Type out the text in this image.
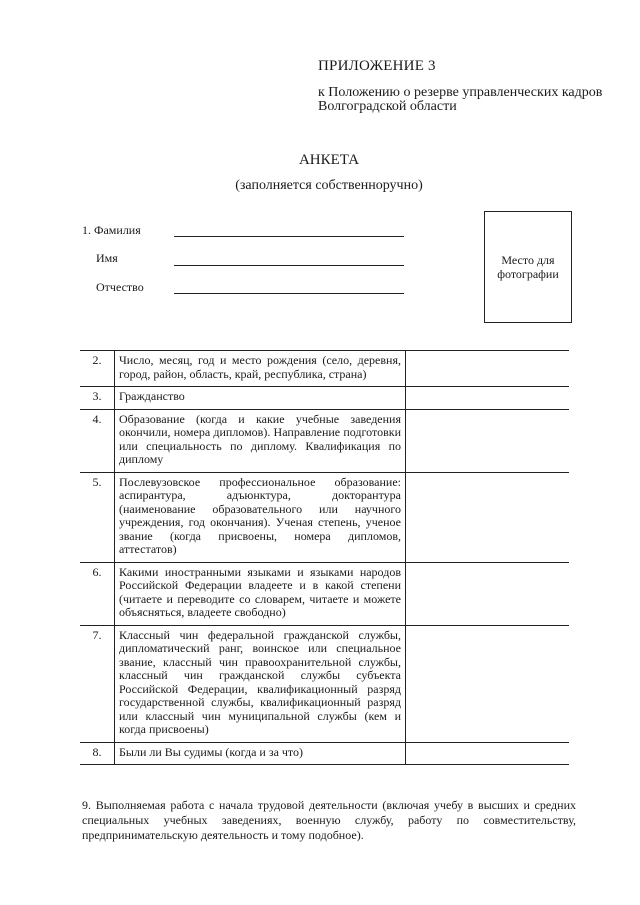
ПРИЛОЖЕНИЕ 3
к Положению о резерве управленческих кадров Волгоградской области
АНКЕТА
(заполняется собственноручно)
1. Фамилия
Имя
Отчество
Место для фотографии
2.	Число, месяц, год и место рождения (село, деревня, город, район, область, край, республика, страна)	
3.	Гражданство	
4.	Образование (когда и какие учебные заведения окончили, номера дипломов). Направление подготовки или специальность по диплому. Квалификация по диплому	
5.	Послевузовское профессиональное образование: аспирантура, адъюнктура, докторантура (наименование образовательного или научного учреждения, год окончания). Ученая степень, ученое звание (когда присвоены, номера дипломов, аттестатов)	
6.	Какими иностранными языками и языками народов Российской Федерации владеете и в какой степени (читаете и переводите со словарем, читаете и можете объясняться, владеете свободно)	
7.	Классный чин федеральной гражданской службы, дипломатический ранг, воинское или специальное звание, классный чин правоохранительной службы, классный чин гражданской службы субъекта Российской Федерации, квалификационный разряд государственной службы, квалификационный разряд или классный чин муниципальной службы (кем и когда присвоены)	
8.	Были ли Вы судимы (когда и за что)	
9. Выполняемая работа с начала трудовой деятельности (включая учебу в высших и средних специальных учебных заведениях, военную службу, работу по совместительству, предпринимательскую деятельность и тому подобное).
